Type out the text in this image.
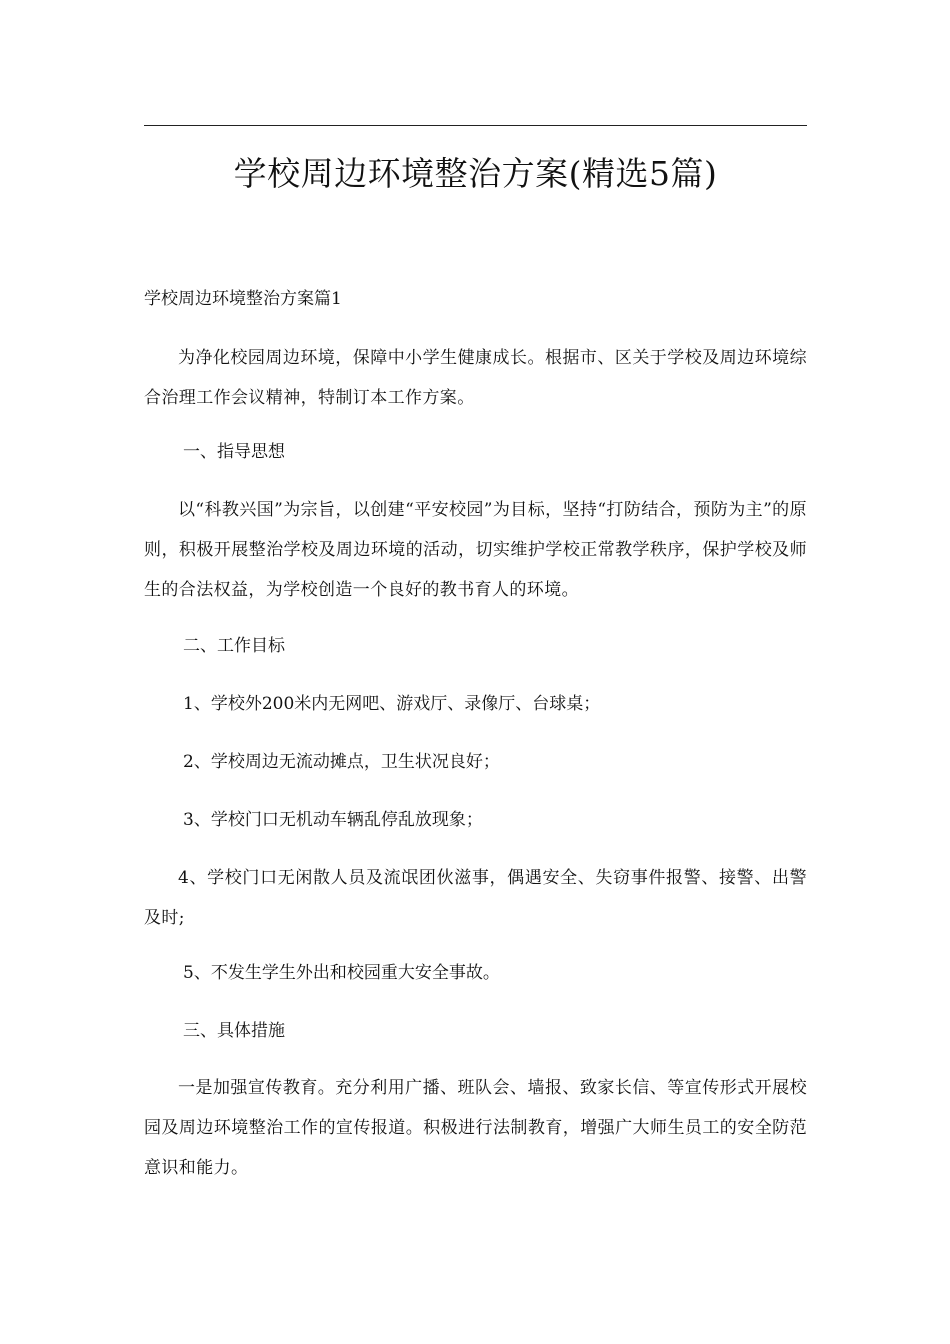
学校周边环境整治方案(精选5篇)
学校周边环境整治方案篇1
为净化校园周边环境，保障中小学生健康成长。根据市、区关于学校及周边环境综合治理工作会议精神，特制订本工作方案。
一、指导思想
以“科教兴国”为宗旨，以创建“平安校园”为目标，坚持“打防结合，预防为主”的原则，积极开展整治学校及周边环境的活动，切实维护学校正常教学秩序，保护学校及师生的合法权益，为学校创造一个良好的教书育人的环境。
二、工作目标
1、学校外200米内无网吧、游戏厅、录像厅、台球桌；
2、学校周边无流动摊点，卫生状况良好；
3、学校门口无机动车辆乱停乱放现象；
4、学校门口无闲散人员及流氓团伙滋事，偶遇安全、失窃事件报警、接警、出警及时;
5、不发生学生外出和校园重大安全事故。
三、具体措施
一是加强宣传教育。充分利用广播、班队会、墙报、致家长信、等宣传形式开展校园及周边环境整治工作的宣传报道。积极进行法制教育，增强广大师生员工的安全防范意识和能力。
